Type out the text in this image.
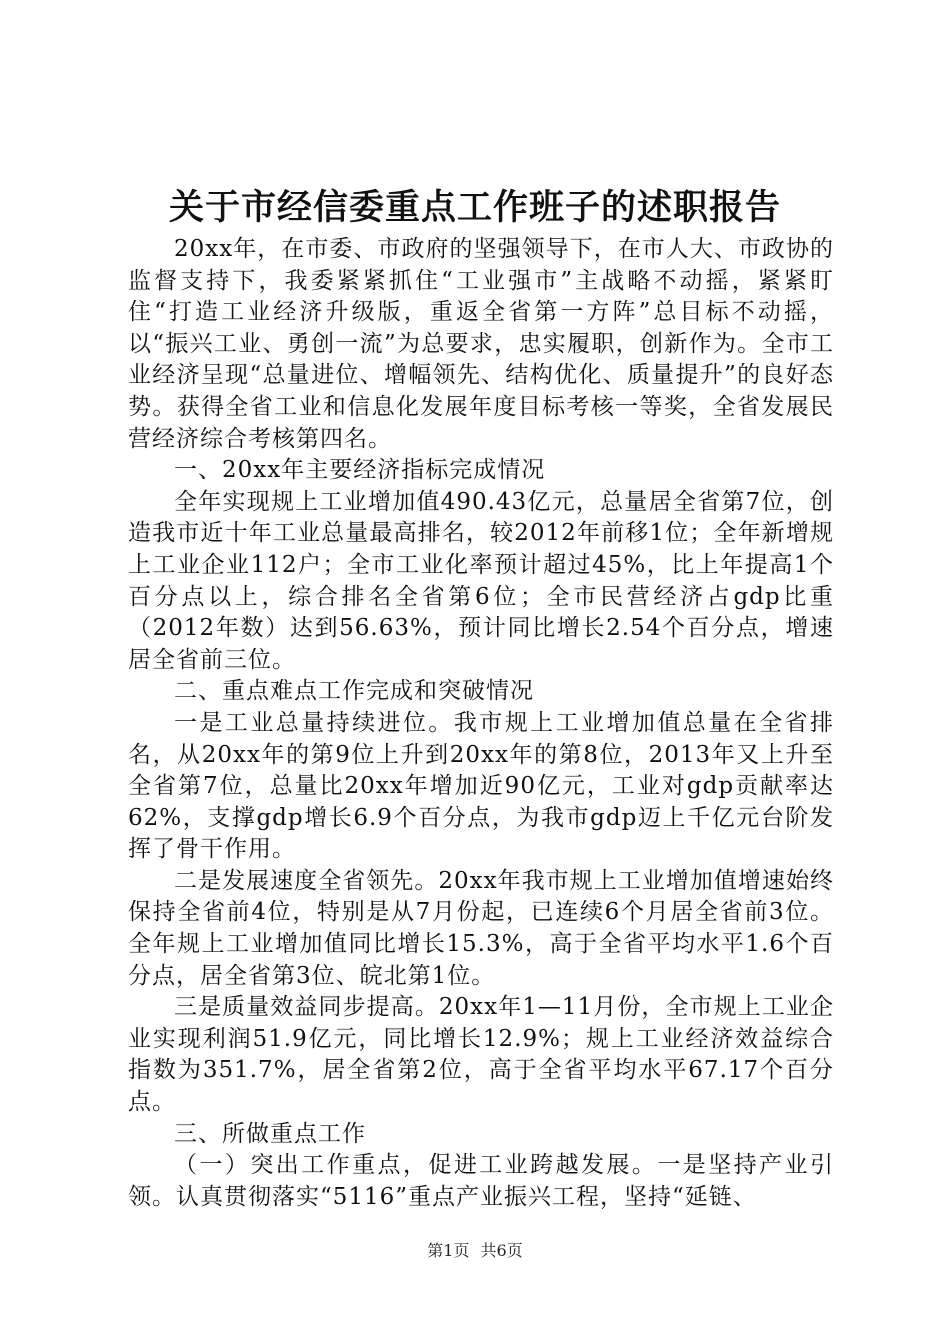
关于市经信委重点工作班子的述职报告

20xx年，在市委、市政府的坚强领导下，在市人大、市政协的监督支持下，我委紧紧抓住“工业强市”主战略不动摇，紧紧盯住“打造工业经济升级版，重返全省第一方阵”总目标不动摇，以“振兴工业、勇创一流”为总要求，忠实履职，创新作为。全市工业经济呈现“总量进位、增幅领先、结构优化、质量提升”的良好态势。获得全省工业和信息化发展年度目标考核一等奖，全省发展民营经济综合考核第四名。

一、20xx年主要经济指标完成情况

全年实现规上工业增加值490.43亿元，总量居全省第7位，创造我市近十年工业总量最高排名，较2012年前移1位；全年新增规上工业企业112户；全市工业化率预计超过45%，比上年提高1个百分点以上，综合排名全省第6位；全市民营经济占gdp比重（2012年数）达到56.63%，预计同比增长2.54个百分点，增速居全省前三位。

二、重点难点工作完成和突破情况

一是工业总量持续进位。我市规上工业增加值总量在全省排名，从20xx年的第9位上升到20xx年的第8位，2013年又上升至全省第7位，总量比20xx年增加近90亿元，工业对gdp贡献率达62%，支撑gdp增长6.9个百分点，为我市gdp迈上千亿元台阶发挥了骨干作用。

二是发展速度全省领先。20xx年我市规上工业增加值增速始终保持全省前4位，特别是从7月份起，已连续6个月居全省前3位。全年规上工业增加值同比增长15.3%，高于全省平均水平1.6个百分点，居全省第3位、皖北第1位。

三是质量效益同步提高。20xx年1—11月份，全市规上工业企业实现利润51.9亿元，同比增长12.9%；规上工业经济效益综合指数为351.7%，居全省第2位，高于全省平均水平67.17个百分点。

三、所做重点工作

（一）突出工作重点，促进工业跨越发展。一是坚持产业引领。认真贯彻落实“5116”重点产业振兴工程，坚持“延链、

第1页 共6页
